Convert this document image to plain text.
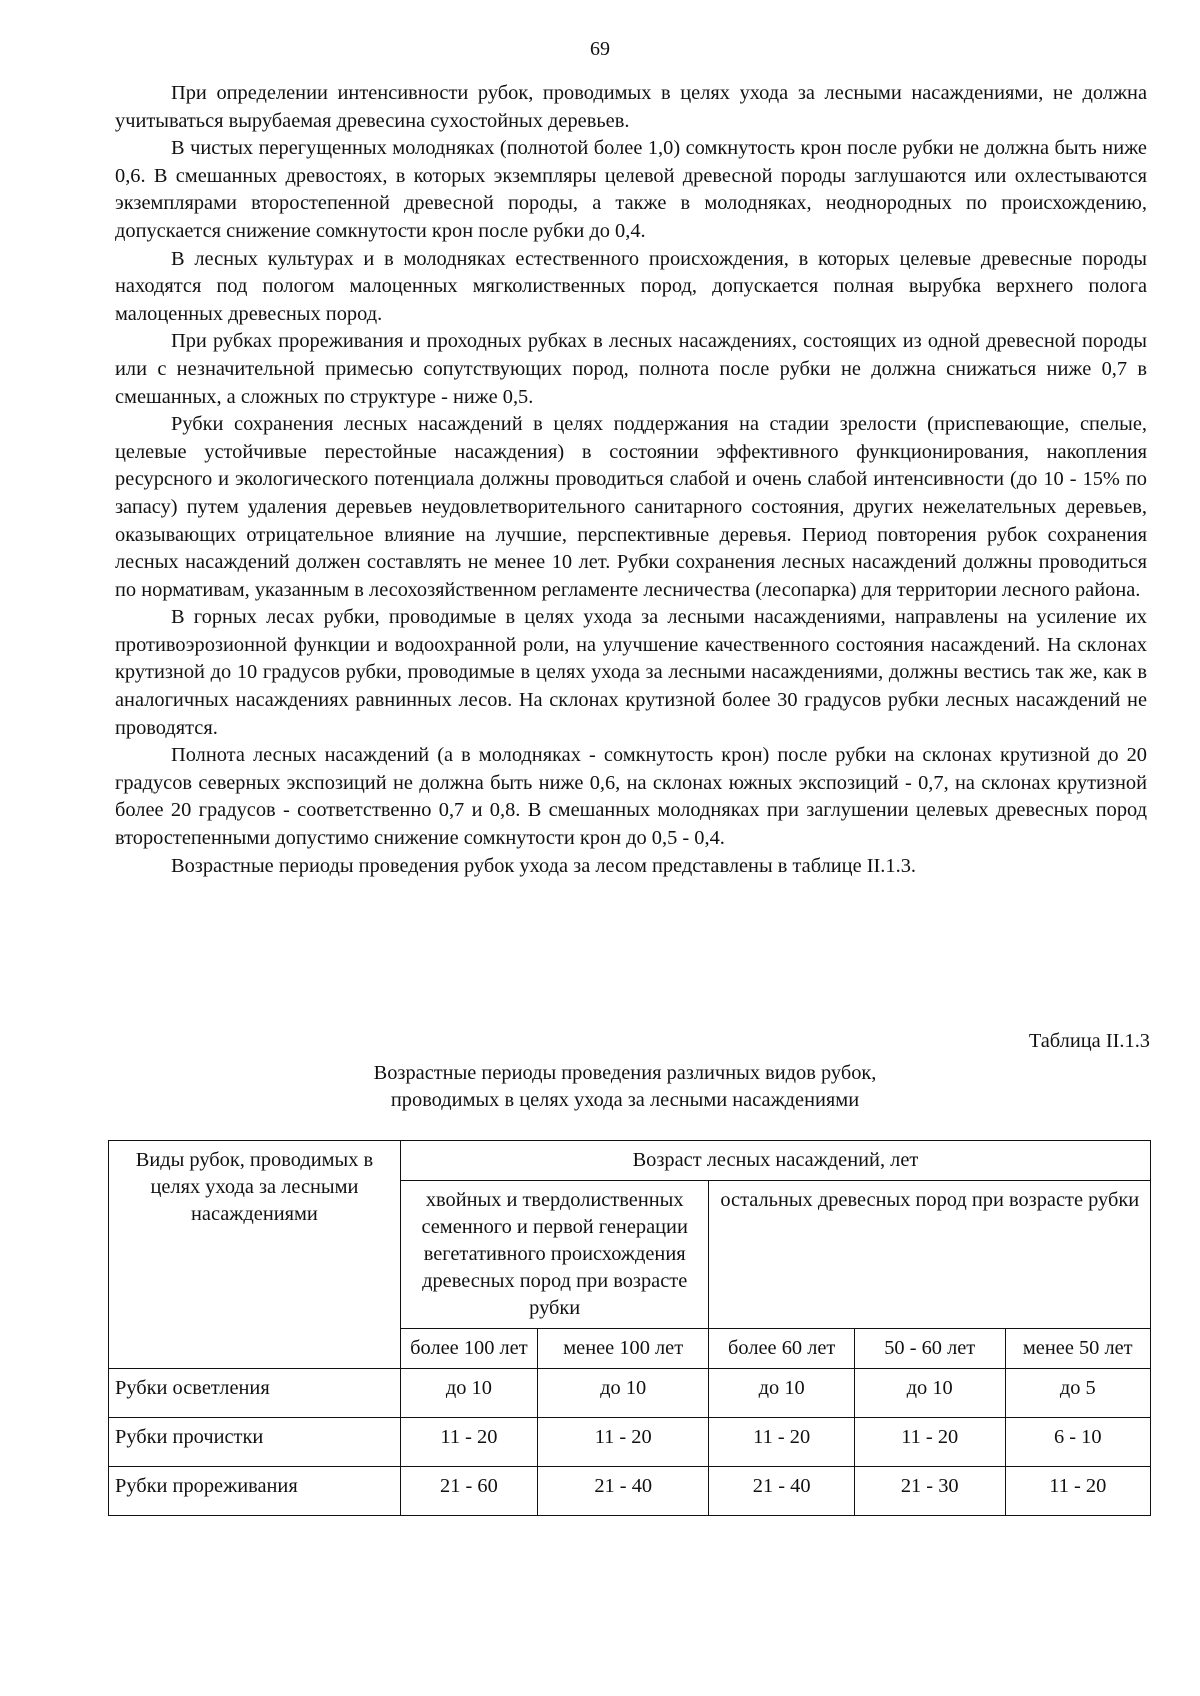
69

При определении интенсивности рубок, проводимых в целях ухода за лесными насаждениями, не должна учитываться вырубаемая древесина сухостойных деревьев.

В чистых перегущенных молодняках (полнотой более 1,0) сомкнутость крон после рубки не должна быть ниже 0,6. В смешанных древостоях, в которых экземпляры целевой древесной породы заглушаются или охлестываются экземплярами второстепенной древесной породы, а также в молодняках, неоднородных по происхождению, допускается снижение сомкнутости крон после рубки до 0,4.

В лесных культурах и в молодняках естественного происхождения, в которых целевые древесные породы находятся под пологом малоценных мягколиственных пород, допускается полная вырубка верхнего полога малоценных древесных пород.

При рубках прореживания и проходных рубках в лесных насаждениях, состоящих из одной древесной породы или с незначительной примесью сопутствующих пород, полнота после рубки не должна снижаться ниже 0,7 в смешанных, а сложных по структуре - ниже 0,5.

Рубки сохранения лесных насаждений в целях поддержания на стадии зрелости (приспевающие, спелые, целевые устойчивые перестойные насаждения) в состоянии эффективного функционирования, накопления ресурсного и экологического потенциала должны проводиться слабой и очень слабой интенсивности (до 10 - 15% по запасу) путем удаления деревьев неудовлетворительного санитарного состояния, других нежелательных деревьев, оказывающих отрицательное влияние на лучшие, перспективные деревья. Период повторения рубок сохранения лесных насаждений должен составлять не менее 10 лет. Рубки сохранения лесных насаждений должны проводиться по нормативам, указанным в лесохозяйственном регламенте лесничества (лесопарка) для территории лесного района.

В горных лесах рубки, проводимые в целях ухода за лесными насаждениями, направлены на усиление их противоэрозионной функции и водоохранной роли, на улучшение качественного состояния насаждений. На склонах крутизной до 10 градусов рубки, проводимые в целях ухода за лесными насаждениями, должны вестись так же, как в аналогичных насаждениях равнинных лесов. На склонах крутизной более 30 градусов рубки лесных насаждений не проводятся.

Полнота лесных насаждений (а в молодняках - сомкнутость крон) после рубки на склонах крутизной до 20 градусов северных экспозиций не должна быть ниже 0,6, на склонах южных экспозиций - 0,7, на склонах крутизной более 20 градусов - соответственно 0,7 и 0,8. В смешанных молодняках при заглушении целевых древесных пород второстепенными допустимо снижение сомкнутости крон до 0,5 - 0,4.

Возрастные периоды проведения рубок ухода за лесом представлены в таблице II.1.3.

Таблица II.1.3
Возрастные периоды проведения различных видов рубок,
проводимых в целях ухода за лесными насаждениями
Виды рубок, проводимых в целях ухода за лесными насаждениями	Возраст лесных насаждений, лет				
	хвойных и твердолиственных семенного и первой генерации вегетативного происхождения древесных пород при возрасте рубки		остальных древесных пород при возрасте рубки		
	более 100 лет	менее 100 лет	более 60 лет	50 - 60 лет	менее 50 лет
Рубки осветления	до 10	до 10	до 10	до 10	до 5
Рубки прочистки	11 - 20	11 - 20	11 - 20	11 - 20	6 - 10
Рубки прореживания	21 - 60	21 - 40	21 - 40	21 - 30	11 - 20
